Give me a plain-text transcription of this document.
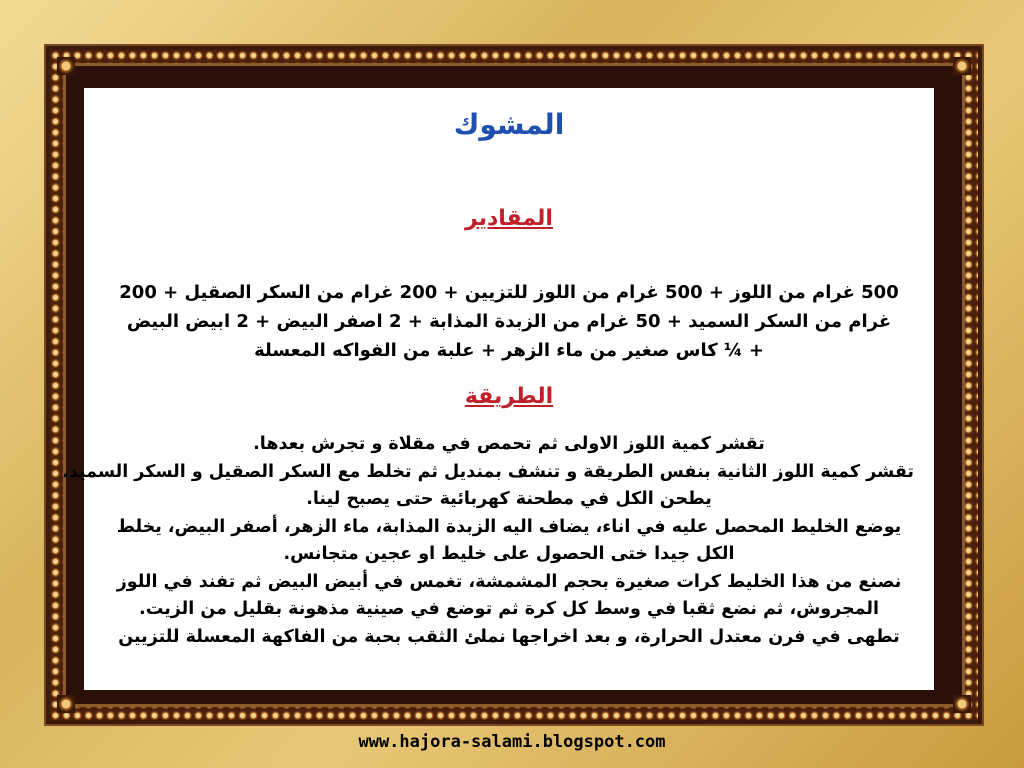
المشوك
المقادير
500 غرام من اللوز + 500 غرام من اللوز للتزيين + 200 غرام من السكر الصقيل + 200
غرام من السكر السميد + 50 غرام من الزبدة المذابة + 2 اصفر البيض + 2 ابيض البيض
+ ¼ كاس صغير من ماء الزهر + علبة من الفواكه المعسلة
الطريقة
تقشر كمية اللوز الاولى ثم تحمص في مقلاة و تجرش بعدها.
تقشر كمية اللوز الثانية بنفس الطريقة و تنشف بمنديل ثم تخلط مع السكر الصقيل و السكر السميد.
يطحن الكل في مطحنة كهربائية حتى يصبح لينا.
يوضع الخليط المحصل عليه في اناء، يضاف اليه الزبدة المذابة، ماء الزهر، أصفر البيض، يخلط
الكل جيدا ختى الحصول على خليط او عجين متجانس.
نصنع من هذا الخليط كرات صغيرة بحجم المشمشة، تغمس في أبيض البيض ثم تفند في اللوز
المجروش، ثم نضع ثقبا في وسط كل كرة ثم توضع في صينية مذهونة بقليل من الزيت.
تطهى في فرن معتدل الحرارة، و بعد اخراجها نملئ الثقب بحبة من الفاكهة المعسلة للتزيين
www.hajora-salami.blogspot.com
